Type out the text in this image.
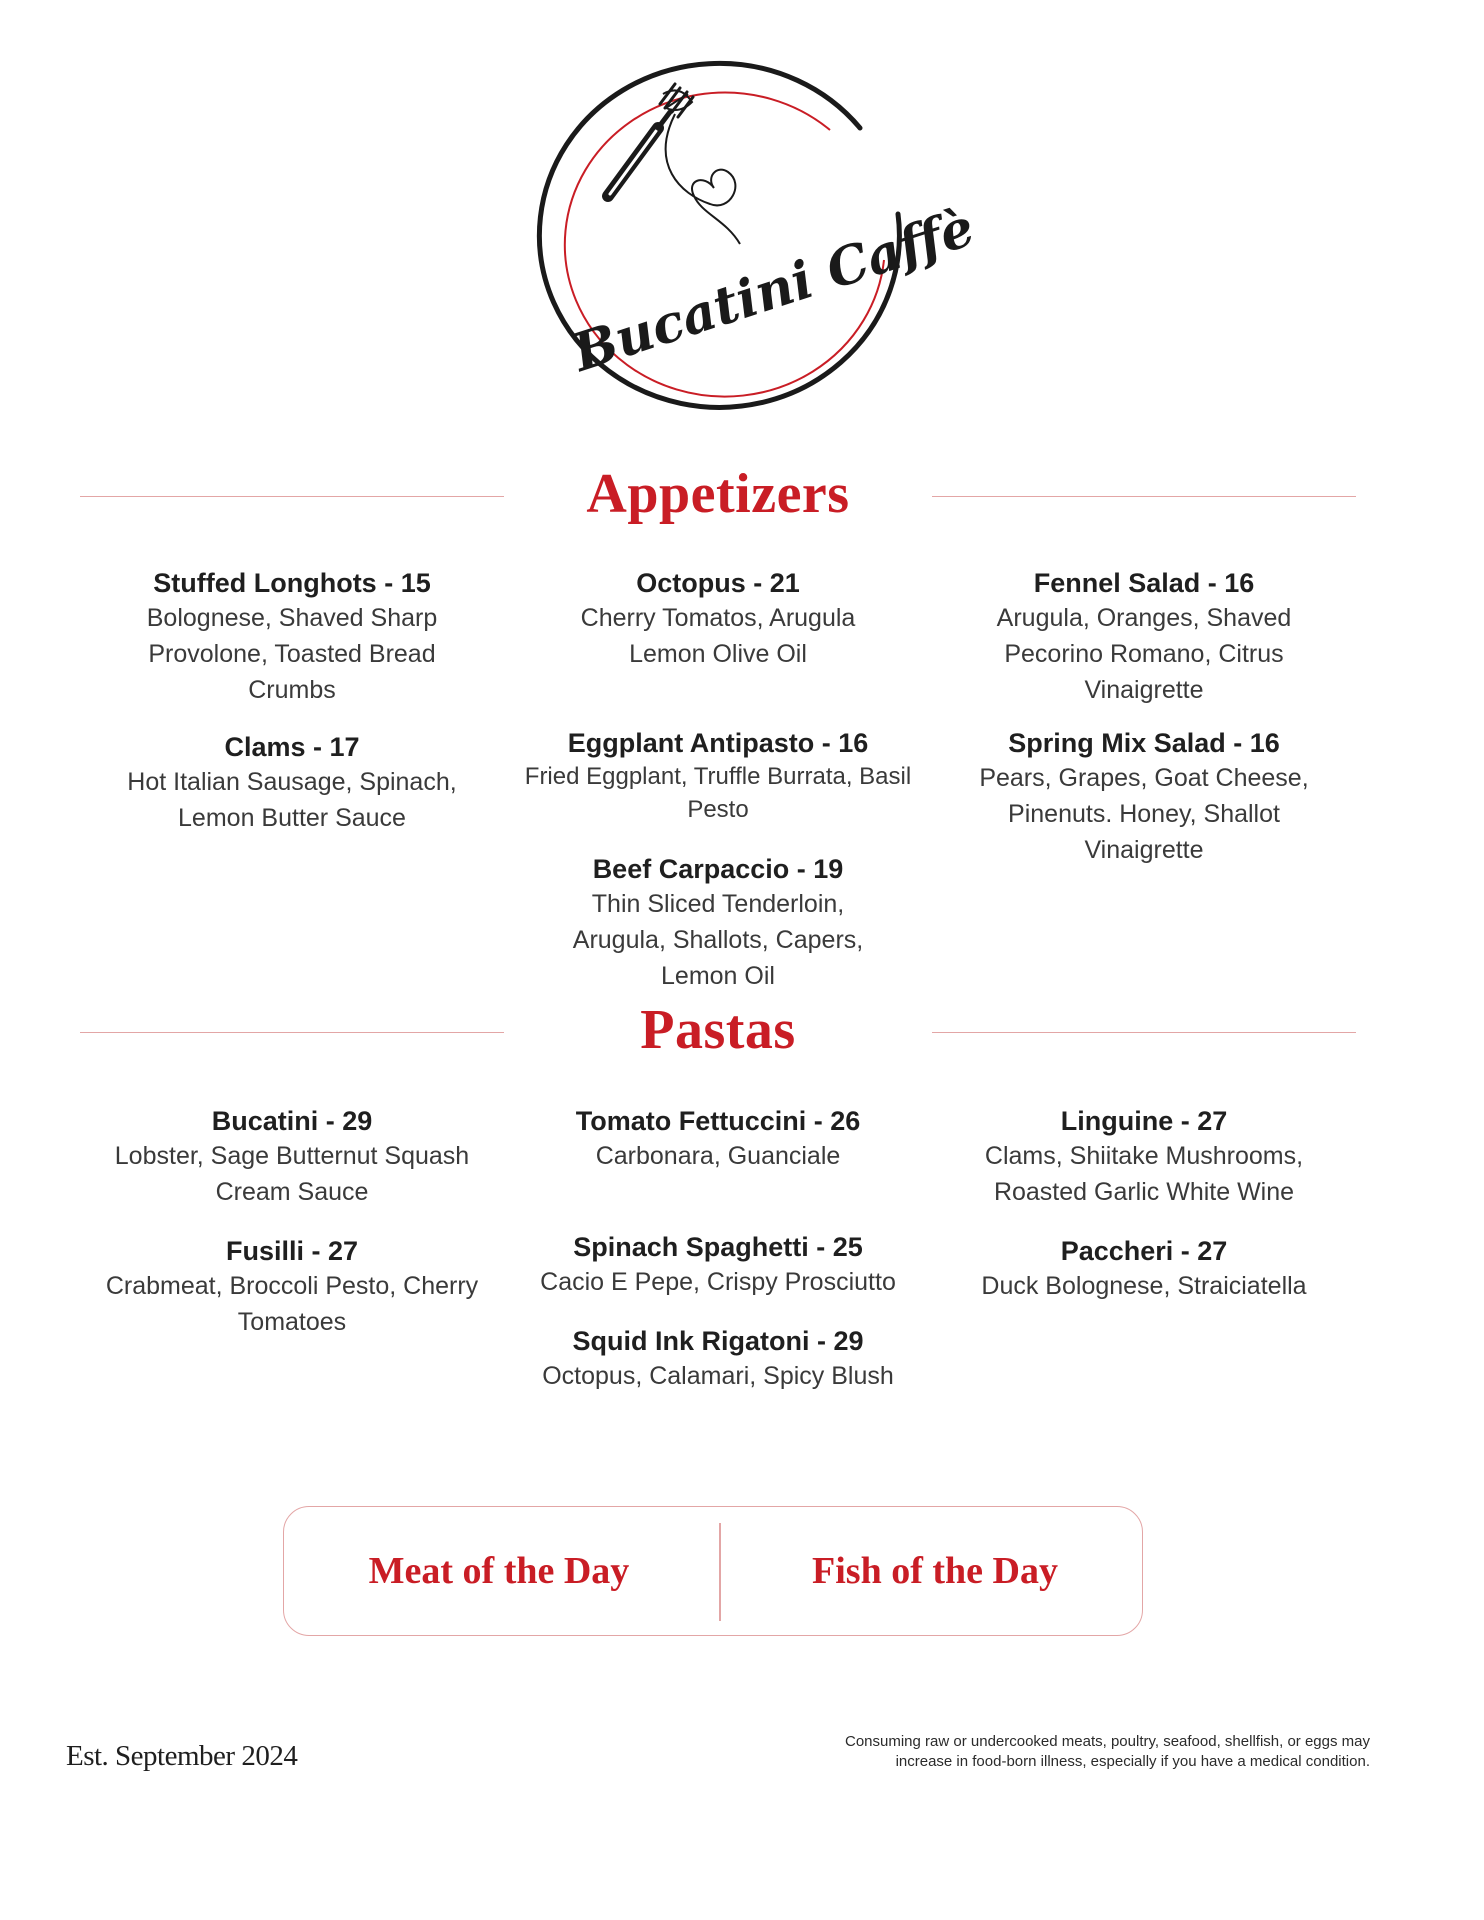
Bucatini Caffè
Appetizers
Stuffed Longhots - 15
Bolognese, Shaved Sharp Provolone, Toasted Bread Crumbs
Clams - 17
Hot Italian Sausage, Spinach, Lemon Butter Sauce
Octopus - 21
Cherry Tomatos, Arugula Lemon Olive Oil
Eggplant Antipasto - 16
Fried Eggplant, Truffle Burrata, Basil Pesto
Beef Carpaccio - 19
Thin Sliced Tenderloin, Arugula, Shallots, Capers, Lemon Oil
Fennel Salad - 16
Arugula, Oranges, Shaved Pecorino Romano, Citrus Vinaigrette
Spring Mix Salad - 16
Pears, Grapes, Goat Cheese, Pinenuts. Honey, Shallot Vinaigrette
Pastas
Bucatini - 29
Lobster, Sage Butternut Squash Cream Sauce
Fusilli - 27
Crabmeat, Broccoli Pesto, Cherry Tomatoes
Tomato Fettuccini - 26
Carbonara, Guanciale
Spinach Spaghetti - 25
Cacio E Pepe, Crispy Prosciutto
Squid Ink Rigatoni - 29
Octopus, Calamari, Spicy Blush
Linguine - 27
Clams, Shiitake Mushrooms, Roasted Garlic White Wine
Paccheri - 27
Duck Bolognese, Straiciatella
Meat of the Day	Fish of the Day
Est. September 2024	Consuming raw or undercooked meats, poultry, seafood, shellfish, or eggs may
increase in food-born illness, especially if you have a medical condition.
